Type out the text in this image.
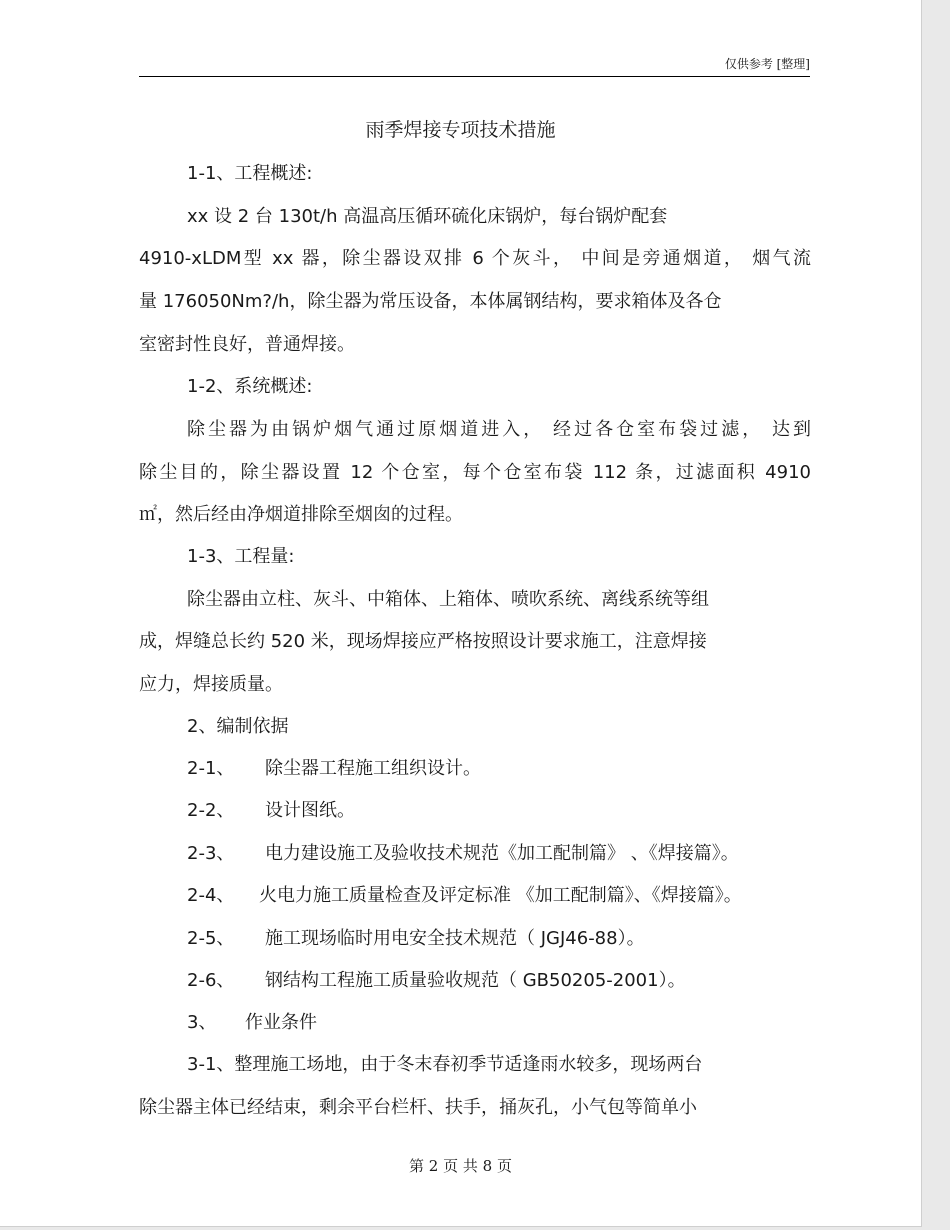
仅供参考 [整理]
雨季焊接专项技术措施
1-1、工程概述:
xx 设 2 台 130t/h 高温高压循环硫化床锅炉，每台锅炉配套
4910-xLDM型 xx 器，除尘器设双排 6 个灰斗， 中间是旁通烟道， 烟气流
量 176050Nm?/h，除尘器为常压设备，本体属钢结构，要求箱体及各仓
室密封性良好，普通焊接。
1-2、系统概述:
除尘器为由锅炉烟气通过原烟道进入， 经过各仓室布袋过滤， 达到
除尘目的，除尘器设置 12 个仓室，每个仓室布袋 112 条，过滤面积 4910
㎡，然后经由净烟道排除至烟囱的过程。
1-3、工程量:
除尘器由立柱、灰斗、中箱体、上箱体、喷吹系统、离线系统等组
成，焊缝总长约 520 米，现场焊接应严格按照设计要求施工，注意焊接
应力，焊接质量。
2、编制依据
2-1、 除尘器工程施工组织设计。
2-2、 设计图纸。
2-3、 电力建设施工及验收技术规范《加工配制篇》 、《焊接篇》。
2-4、 火电力施工质量检查及评定标准 《加工配制篇》、《焊接篇》。
2-5、 施工现场临时用电安全技术规范（ JGJ46-88）。
2-6、 钢结构工程施工质量验收规范（ GB50205-2001）。
3、 作业条件
3-1、整理施工场地，由于冬末春初季节适逢雨水较多，现场两台
除尘器主体已经结束，剩余平台栏杆、扶手，捅灰孔，小气包等简单小
第 2 页 共 8 页
